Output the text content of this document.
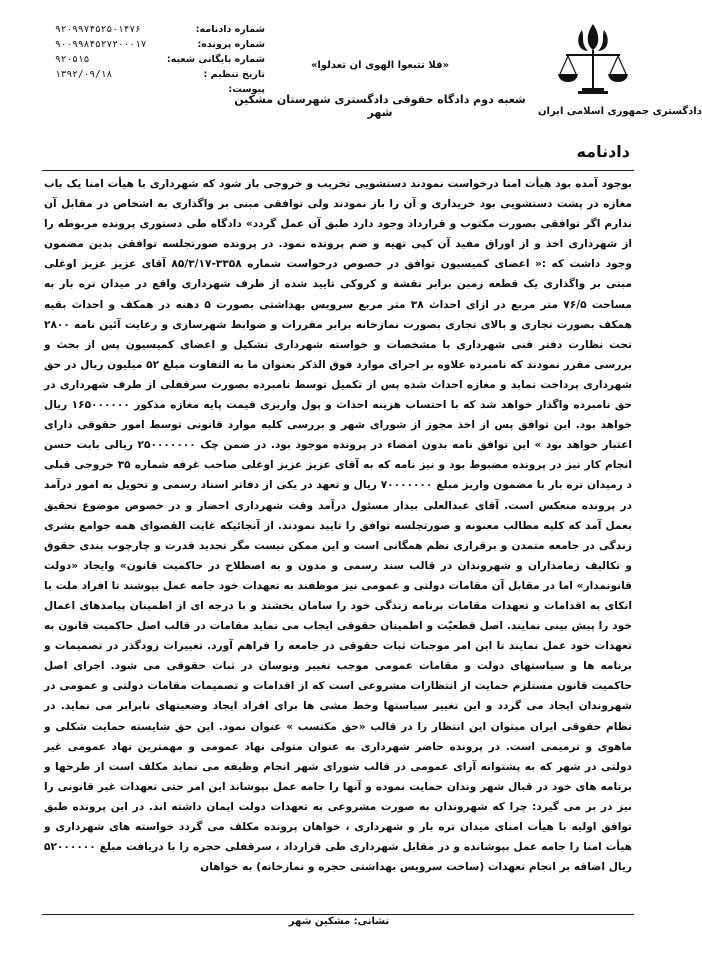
دادگستری جمهوری اسلامی ایران
«فلا تتبعوا الهوی ان تعدلوا»
شعبه دوم دادگاه حقوقی دادگستری شهرستان مشکین شهر
شماره دادنامه:
۹۲۰۹۹۷۴۵۲۵۰۱۴۷۶
شماره پرونده:
۹۰۰۹۹۸۴۵۲۷۲۰۰۰۱۷
شماره بایگانی شعبه:
۹۲۰۵۱۵
تاریخ تنظیم :
۱۳۹۲/۰۹/۱۸
پیوست:
دادنامه

بوجود آمده بود هیأت امنا درخواست نمودند دستشویی تخریب و خروجی باز شود که شهرداری با هیأت امنا یک باب مغازه در پشت دستشویی بود خریداری و آن را باز نمودند ولی توافقی مبنی بر واگذاری به اشخاص در مقابل آن ندارم اگر توافقی بصورت مکتوب و قرارداد وجود دارد طبق آن عمل گردد» دادگاه طی دستوری پرونده مربوطه را از شهرداری اخذ و از اوراق مفید آن کپی تهیه و ضم پرونده نمود. در پرونده صورتجلسه توافقی بدین مضمون وجود داشت که :« اعضای کمیسیون توافق در خصوص درخواست شماره ۳۳۵۸-۸۵/۳/۱۷ آقای عزیز عزیز اوغلی مبنی بر واگذاری یک قطعه زمین برابر نقشه و کروکی تایید شده از طرف شهرداری واقع در میدان تره بار به مساحت ۷۶/۵ متر مربع در ازای احداث ۳۸ متر مربع سرویس بهداشتی بصورت ۵ دهنه در همکف و احداث بقیه همکف بصورت تجاری و بالای تجاری بصورت نمازخانه برابر مقررات و ضوابط شهرسازی و رعایت آئین نامه ۲۸۰۰ تحت نظارت دفتر فنی شهرداری با مشخصات و خواسته شهرداری تشکیل و اعضای کمیسیون پس از بحث و بررسی مقرر نمودند که نامبرده علاوه بر اجرای موارد فوق الذکر بعنوان ما به التفاوت مبلغ ۵۲ میلیون ریال در حق شهرداری پرداخت نماید و مغازه احداث شده پس از تکمیل توسط نامبرده بصورت سرقفلی از طرف شهرداری در حق نامبرده واگذار خواهد شد که با احتساب هزینه احداث و پول واریزی قیمت پایه مغازه مذکور ۱۶۵۰۰۰۰۰۰ ریال خواهد بود. این توافق پس از اخذ مجوز از شورای شهر و بررسی کلیه موارد قانونی توسط امور حقوقی دارای اعتبار خواهد بود » این توافق نامه بدون امضاء در پرونده موجود بود. در ضمن چک ۲۵۰۰۰۰۰۰۰ ریالی بابت حسن انجام کار نیز در پرونده مضبوط بود و نیز نامه که به آقای عزیز عزیز اوغلی صاحب غرفه شماره ۳۵ خروجی قبلی د رمیدان تره بار با مضمون واریز مبلغ ۷۰۰۰۰۰۰۰ ریال و تعهد در یکی از دفاتر اسناد رسمی و تحویل به امور درآمد در پرونده منعکس است. آقای عبدالعلی بیدار مسئول درآمد وقت شهرداری احضار و در خصوص موضوع تحقیق بعمل آمد که کلیه مطالب معنونه و صورتجلسه توافق را تایید نمودند. از آنجائیکه غایت القصوای همه جوامع بشری زندگی در جامعه متمدن و برقراری نظم همگانی است و این ممکن نیست مگر تحدید قدرت و چارچوب بندی حقوق و تکالیف زمامداران و شهروندان در قالب سند رسمی و مدون و به اصطلاح در حاکمیت قانون» وایجاد «دولت قانونمدار» اما در مقابل آن مقامات دولتی و عمومی نیز موظفند به تعهدات خود جامه عمل بپوشند تا افراد ملت با اتکای به اقدامات و تعهدات مقامات برنامه زندگی خود را سامان بخشند و با درجه ای از اطمینان پیامدهای اعمال خود را پیش بینی نمایند. اصل قطعیّت و اطمینان حقوقی ایجاب می نماید مقامات در قالب اصل حاکمیت قانون به تعهدات خود عمل نمایند تا این امر موجبات ثبات حقوقی در جامعه را فراهم آورد. تغییرات زودگذر در تصمیمات و برنامه ها و سیاستهای دولت و مقامات عمومی موجب تغییر ونوسان در ثبات حقوقی می شود. اجرای اصل حاکمیت قانون مستلزم حمایت از انتظارات مشروعی است که از اقدامات و تصمیمات مقامات دولتی و عمومی در شهروندان ایجاد می گردد و این تغییر سیاستها وخط مشی ها برای افراد ایجاد وضعیتهای نابرابر می نماید. در نظام حقوقی ایران میتوان این انتظار را در قالب «حق مکتسب » عنوان نمود. این حق شایسته حمایت شکلی و ماهوی و ترمیمی است. در پرونده حاضر شهرداری به عنوان متولی نهاد عمومی و مهمترین نهاد عمومی غیر دولتی در شهر که به پشتوانه آرای عمومی در قالب شورای شهر انجام وظیفه می نماید مکلف است از طرحها و برنامه های خود در قبال شهر وندان حمایت نموده و آنها را جامه عمل بپوشاند این امر حتی تعهدات غیر قانونی را نیز در بر می گیرد: چرا که شهروندان به صورت مشروعی به تعهدات دولت ایمان داشته اند. در این پرونده طبق توافق اولیه با هیأت امنای میدان تره بار و شهرداری ، خواهان پرونده مکلف می گردد خواسته های شهرداری و هیأت امنا را جامه عمل بپوشانده و در مقابل شهرداری طی قرارداد ، سرقفلی حجره را با دریافت مبلغ ۵۲۰۰۰۰۰۰ ریال اضافه بر انجام تعهدات (ساخت سرویس بهداشتی حجره و نمازخانه) به خواهان

نشانی: مشکین شهر
